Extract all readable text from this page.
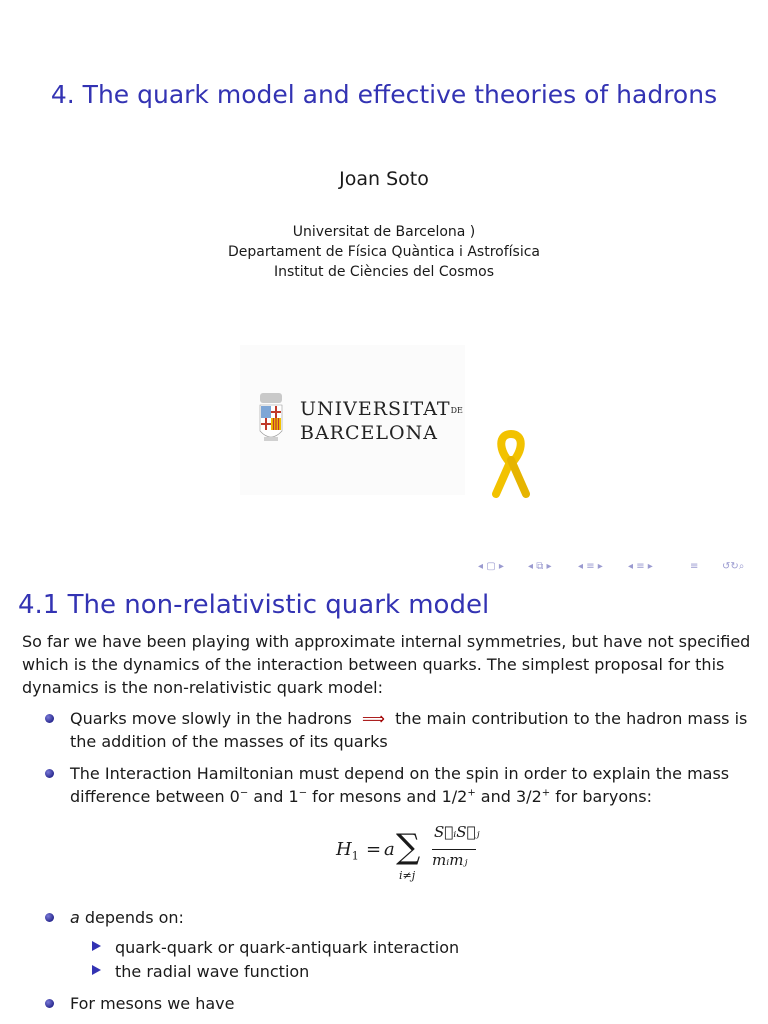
4. The quark model and effective theories of hadrons
Joan Soto
Universitat de Barcelona )
Departament de Física Quàntica i Astrofísica
Institut de Ciències del Cosmos
UNIVERSITATDE
BARCELONA
◂ ▢ ▸ ◂ ⧉ ▸	◂ ≡ ▸	◂ ≡ ▸	≡ ↺↻⌕
4.1 The non-relativistic quark model
So far we have been playing with approximate internal symmetries, but have not specified which is the dynamics of the interaction between quarks. The simplest proposal for this dynamics is the non-relativistic quark model:
Quarks move slowly in the hadrons ⟹ the main contribution to the hadron mass is the addition of the masses of its quarks
The Interaction Hamiltonian must depend on the spin in order to explain the mass difference between 0− and 1− for mesons and 1/2+ and 3/2+ for baryons:
$H_1 = a$ ∑
i≠j
S⃗ᵢS⃗ⱼ
mᵢmⱼ
a depends on:
quark-quark or quark-antiquark interaction
the radial wave function
For mesons we have
